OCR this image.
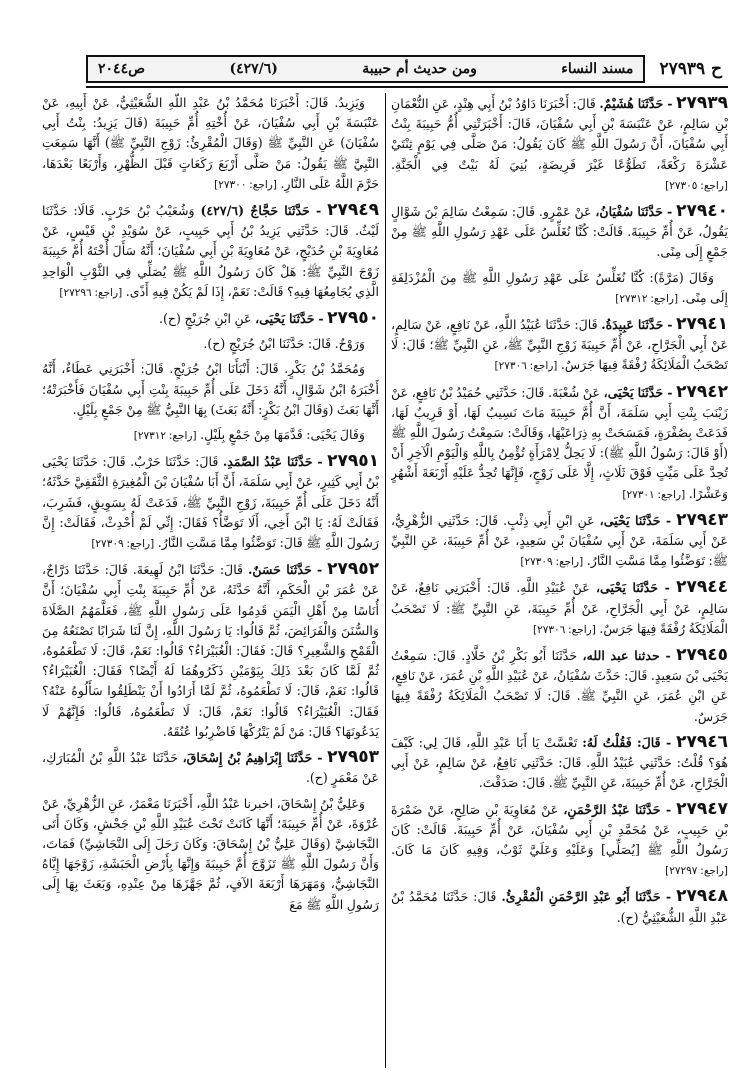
ح ٢٧٩٣٩
مسند النساء
ومن حديث أم حبيبة
(٤٢٧/٦)
ص٢٠٤٤

٢٧٩٣٩ - حَدَّثَنَا هُشَيْمٌ. قَالَ: أَخْبَرَنَا دَاوُدُ بْنُ أَبِي هِنْدٍ، عَنِ النُّعْمَانِ بْنِ سَالِمٍ، عَنْ عَنْبَسَةَ بْنِ أَبِي سُفْيَانَ، قَالَ: أَخْبَرَتْنِي أُمُّ حَبِيبَةَ بِنْتُ أَبِي سُفْيَانَ، أَنَّ رَسُولَ اللَّهِ ﷺ كَانَ يَقُولُ: مَنْ صَلَّى فِي يَوْمٍ ثِنْتَيْ عَشْرَةَ رَكْعَةً، تَطَوُّعًا غَيْرَ فَرِيضَةٍ، بُنِيَ لَهُ بَيْتٌ فِي الْجَنَّةِ. [راجع: ٢٧٣٠٥]

٢٧٩٤٠ - حَدَّثَنَا سُفْيَانُ، عَنْ عَمْرٍو. قَالَ: سَمِعْتُ سَالِمَ بْنَ شَوَّالٍ يَقُولُ، عَنْ أُمِّ حَبِيبَةَ. قَالَتْ: كُنَّا نُغَلِّسُ عَلَى عَهْدِ رَسُولِ اللَّهِ ﷺ مِنْ جَمْعٍ إِلَى مِنًى.

وَقَالَ (مَرَّةً): كُنَّا نُغَلِّسُ عَلَى عَهْدِ رَسُولِ اللَّهِ ﷺ مِنَ الْمُزْدَلِفَةِ إِلَى مِنًى. [راجع: ٢٧٣١٢]

٢٧٩٤١ - حَدَّثَنَا عَبِيدَةُ. قَالَ: حَدَّثَنَا عُبَيْدُ اللَّهِ، عَنْ نَافِعٍ، عَنْ سَالِمٍ، عَنْ أَبِي الْجَرَّاحِ، عَنْ أُمِّ حَبِيبَةَ زَوْجِ النَّبِيِّ ﷺ، عَنِ النَّبِيِّ ﷺ؛ قَالَ: لَا تَصْحَبُ الْمَلَائِكَةُ رُفْقَةً فِيهَا جَرَسٌ. [راجع: ٢٧٣٠٦]

٢٧٩٤٢ - حَدَّثَنَا يَحْيَى، عَنْ شُعْبَةَ. قَالَ: حَدَّثَنِي حُمَيْدُ بْنُ نَافِعٍ، عَنْ زَيْنَبَ بِنْتِ أَبِي سَلَمَةَ، أَنَّ أُمَّ حَبِيبَةَ مَاتَ نَسِيبٌ لَهَا، أَوْ قَرِيبٌ لَهَا، فَدَعَتْ بِصُفْرَةٍ، فَمَسَحَتْ بِهِ ذِرَاعَيْهَا، وَقَالَتْ: سَمِعْتُ رَسُولَ اللَّهِ ﷺ (أَوْ قَالَ: رَسُولُ اللَّهِ ﷺ): لَا يَحِلُّ لِامْرَأَةٍ تُؤْمِنُ بِاللَّهِ وَالْيَوْمِ الْآخِرِ أَنْ تُحِدَّ عَلَى مَيِّتٍ فَوْقَ ثَلَاثٍ، إِلَّا عَلَى زَوْجٍ، فَإِنَّهَا تُحِدُّ عَلَيْهِ أَرْبَعَةَ أَشْهُرٍ وَعَشْرًا. [راجع: ٢٧٣٠١]

٢٧٩٤٣ - حَدَّثَنَا يَحْيَى، عَنِ ابْنِ أَبِي ذِئْبٍ. قَالَ: حَدَّثَنِي الزُّهْرِيُّ، عَنْ أَبِي سَلَمَةَ، عَنْ أَبِي سُفْيَانَ بْنِ سَعِيدٍ، عَنْ أُمِّ حَبِيبَةَ، عَنِ النَّبِيِّ ﷺ: تَوَضَّئُوا مِمَّا مَسَّتِ النَّارُ. [راجع: ٢٧٣٠٩]

٢٧٩٤٤ - حَدَّثَنَا يَحْيَى، عَنْ عُبَيْدِ اللَّهِ. قَالَ: أَخْبَرَنِي نَافِعٌ، عَنْ سَالِمٍ، عَنْ أَبِي الْجَرَّاحِ، عَنْ أُمِّ حَبِيبَةَ، عَنِ النَّبِيِّ ﷺ: لَا تَصْحَبُ الْمَلَائِكَةُ رُفْقَةً فِيهَا جَرَسٌ. [راجع: ٢٧٣٠٦]

٢٧٩٤٥ - حدثنا عبد الله، حَدَّثَنَا أَبُو بَكْرِ بْنُ خَلَّادٍ. قَالَ: سَمِعْتُ يَحْيَى بْنَ سَعِيدٍ. قَالَ: حَدَّثَ سُفْيَانُ، عَنْ عُبَيْدِ اللَّهِ بْنِ عُمَرَ، عَنْ نَافِعٍ، عَنِ ابْنِ عُمَرَ، عَنِ النَّبِيِّ ﷺ. قَالَ: لَا تَصْحَبُ الْمَلَائِكَةُ رُفْقَةً فِيهَا جَرَسٌ.

٢٧٩٤٦ - قَالَ: فَقُلْتُ لَهُ: تَعْسَّتْ يَا أَبَا عَبْدِ اللَّهِ، قَالَ لِي: كَيْفَ هُوَ؟ قُلْتُ: حَدَّثَنِي عُبَيْدُ اللَّهِ. قَالَ: حَدَّثَنِي نَافِعٌ، عَنْ سَالِمٍ، عَنْ أَبِي الْجَرَّاحِ، عَنْ أُمِّ حَبِيبَةَ، عَنِ النَّبِيِّ ﷺ. قَالَ: صَدَقْتَ.

٢٧٩٤٧ - حَدَّثَنَا عَبْدُ الرَّحْمَنِ، عَنْ مُعَاوِيَةَ بْنِ صَالِحٍ، عَنْ ضَمْرَةَ بْنِ حَبِيبٍ، عَنْ مُحَمَّدِ بْنِ أَبِي سُفْيَانَ، عَنْ أُمِّ حَبِيبَةَ. قَالَتْ: كَانَ رَسُولُ اللَّهِ ﷺ [يُصَلِّي] وَعَلَيْهِ وَعَلَيَّ ثَوْبٌ، وَفِيهِ كَانَ مَا كَانَ. [راجع: ٢٧٢٩٧]

٢٧٩٤٨ - حَدَّثَنَا أَبُو عَبْدِ الرَّحْمَنِ الْمُقْرِئُ. قَالَ: حَدَّثَنَا مُحَمَّدُ بْنُ عَبْدِ اللَّهِ الشُّعَيْثِيُّ (ح).

وَيَزِيدُ. قَالَ: أَخْبَرَنَا مُحَمَّدُ بْنُ عَبْدِ اللَّهِ الشُّعَيْثِيُّ، عَنْ أَبِيهِ، عَنْ عَنْبَسَةَ بْنِ أَبِي سُفْيَانَ، عَنْ أُخْتِهِ أُمِّ حَبِيبَةَ (قَالَ يَزِيدُ: بِنْتُ أَبِي سُفْيَانَ) عَنِ النَّبِيِّ ﷺ (وَقَالَ الْمُقْرِئُ: زَوْجِ النَّبِيِّ ﷺ) أَنَّهَا سَمِعَتِ النَّبِيَّ ﷺ يَقُولُ: مَنْ صَلَّى أَرْبَعَ رَكَعَاتٍ قَبْلَ الظُّهْرِ، وَأَرْبَعًا بَعْدَهَا، حَرَّمَ اللَّهُ عَلَى النَّارِ. [راجع: ٢٧٣٠٠]

٢٧٩٤٩ - حَدَّثَنَا حَجَّاجٌ (٤٢٧/٦) وَشُعَيْبُ بْنُ حَرْبٍ. قَالَا: حَدَّثَنَا لَيْثٌ. قَالَ: حَدَّثَنِي يَزِيدُ بْنُ أَبِي حَبِيبٍ، عَنْ سُوَيْدِ بْنِ قَيْسٍ، عَنْ مُعَاوِيَةَ بْنِ حُدَيْجٍ، عَنْ مُعَاوِيَةَ بْنِ أَبِي سُفْيَانَ؛ أَنَّهُ سَأَلَ أُخْتَهُ أُمَّ حَبِيبَةَ زَوْجَ النَّبِيِّ ﷺ: هَلْ كَانَ رَسُولُ اللَّهِ ﷺ يُصَلِّي فِي الثَّوْبِ الْوَاحِدِ الَّذِي يُجَامِعُهَا فِيهِ؟ قَالَتْ: نَعَمْ، إِذَا لَمْ يَكُنْ فِيهِ أَذًى. [راجع: ٢٧٢٩٦]

٢٧٩٥٠ - حَدَّثَنَا يَحْيَى، عَنِ ابْنِ جُرَيْجٍ (ح).

وَرَوْحٌ. قَالَ: حَدَّثَنَا ابْنُ جُرَيْجٍ (ح).

وَمُحَمَّدُ بْنُ بَكْرٍ. قَالَ: أَنْبَأَنَا ابْنُ جُرَيْجٍ. قَالَ: أَخْبَرَنِي عَطَاءٌ، أَنَّهُ أَخْبَرَهُ ابْنُ شَوَّالٍ، أَنَّهُ دَخَلَ عَلَى أُمِّ حَبِيبَةَ بِنْتِ أَبِي سُفْيَانَ فَأَخْبَرَتْهُ؛ أَنَّهَا بَعَثَ (وَقَالَ ابْنُ بَكْرٍ: أَنَّهُ بَعَثَ) بِهَا النَّبِيُّ ﷺ مِنْ جَمْعٍ بِلَيْلٍ.

وَقَالَ يَحْيَى: قَدَّمَهَا مِنْ جَمْعٍ بِلَيْلٍ. [راجع: ٢٧٣١٢]

٢٧٩٥١ - حَدَّثَنَا عَبْدُ الصَّمَدِ. قَالَ: حَدَّثَنَا حَرْبٌ. قَالَ: حَدَّثَنَا يَحْيَى بْنُ أَبِي كَثِيرٍ، عَنْ أَبِي سَلَمَةَ، أَنَّ أَبَا سُفْيَانَ بْنَ الْمُغِيرَةِ الثَّقَفِيَّ حَدَّثَهُ؛ أَنَّهُ دَخَلَ عَلَى أُمِّ حَبِيبَةَ، زَوْجِ النَّبِيِّ ﷺ، فَدَعَتْ لَهُ بِسَوِيقٍ، فَشَرِبَ، فَقَالَتْ لَهُ: يَا ابْنَ أَخِي، أَلَا تَوَضَّأُ؟ فَقَالَ: إِنِّي لَمْ أُحْدِثْ، فَقَالَتْ: إِنَّ رَسُولَ اللَّهِ ﷺ قَالَ: تَوَضَّئُوا مِمَّا مَسَّتِ النَّارُ. [راجع: ٢٧٣٠٩]

٢٧٩٥٢ - حَدَّثَنَا حَسَنٌ. قَالَ: حَدَّثَنَا ابْنُ لَهِيعَةَ. قَالَ: حَدَّثَنَا دَرَّاجٌ، عَنْ عُمَرَ بْنِ الْحَكَمِ، أَنَّهُ حَدَّثَهُ، عَنْ أُمِّ حَبِيبَةَ بِنْتِ أَبِي سُفْيَانَ؛ أَنَّ أُنَاسًا مِنْ أَهْلِ الْيَمَنِ قَدِمُوا عَلَى رَسُولِ اللَّهِ ﷺ، فَعَلَّمَهُمُ الصَّلَاةَ وَالسُّنَنَ وَالْفَرَائِضَ، ثُمَّ قَالُوا: يَا رَسُولَ اللَّهِ، إِنَّ لَنَا شَرَابًا نَصْنَعُهُ مِنَ الْقَمْحِ وَالشَّعِيرِ؟ قَالَ: فَقَالَ: الْغُبَيْرَاءُ؟ قَالُوا: نَعَمْ، قَالَ: لَا تَطْعَمُوهُ، ثُمَّ لَمَّا كَانَ بَعْدَ ذَلِكَ بِيَوْمَيْنِ ذَكَرُوهُمَا لَهُ أَيْضًا؟ فَقَالَ: الْغُبَيْرَاءُ؟ قَالُوا: نَعَمْ، قَالَ: لَا تَطْعَمُوهُ، ثُمَّ لَمَّا أَرَادُوا أَنْ يَنْطَلِقُوا سَأَلُوهُ عَنْهُ؟ فَقَالَ: الْغُبَيْرَاءُ؟ قَالُوا: نَعَمْ، قَالَ: لَا تَطْعَمُوهُ، قَالُوا: فَإِنَّهُمْ لَا يَدَعُونَهَا؟ قَالَ: مَنْ لَمْ يَتْرُكْهَا فَاضْرِبُوا عُنُقَهُ.

٢٧٩٥٣ - حَدَّثَنَا إِبْرَاهِيمُ بْنُ إِسْحَاقَ، حَدَّثَنَا عَبْدُ اللَّهِ بْنُ الْمُبَارَكِ، عَنْ مَعْمَرٍ (ح).

وَعَلِيُّ بْنُ إِسْحَاقَ، اخبرنا عَبْدُ اللَّهِ، أَخْبَرَنَا مَعْمَرٌ، عَنِ الزُّهْرِيِّ، عَنْ عُرْوَةَ، عَنْ أُمِّ حَبِيبَةَ؛ أَنَّهَا كَانَتْ تَحْتَ عُبَيْدِ اللَّهِ بْنِ جَحْشٍ، وَكَانَ أَتَى النَّجَاشِيَّ (وَقَالَ عَلِيُّ بْنُ إِسْحَاقَ: وَكَانَ رَحَلَ إِلَى النَّجَاشِيِّ) فَمَاتَ، وَأَنَّ رَسُولَ اللَّهِ ﷺ تَزَوَّجَ أُمَّ حَبِيبَةَ وَإِنَّهَا بِأَرْضِ الْحَبَشَةِ، زَوَّجَهَا إِيَّاهُ النَّجَاشِيُّ، وَمَهَرَهَا أَرْبَعَةَ الآفٍ، ثُمَّ جَهَّزَهَا مِنْ عِنْدِهِ، وَبَعَثَ بِهَا إِلَى رَسُولِ اللَّهِ ﷺ مَعَ
